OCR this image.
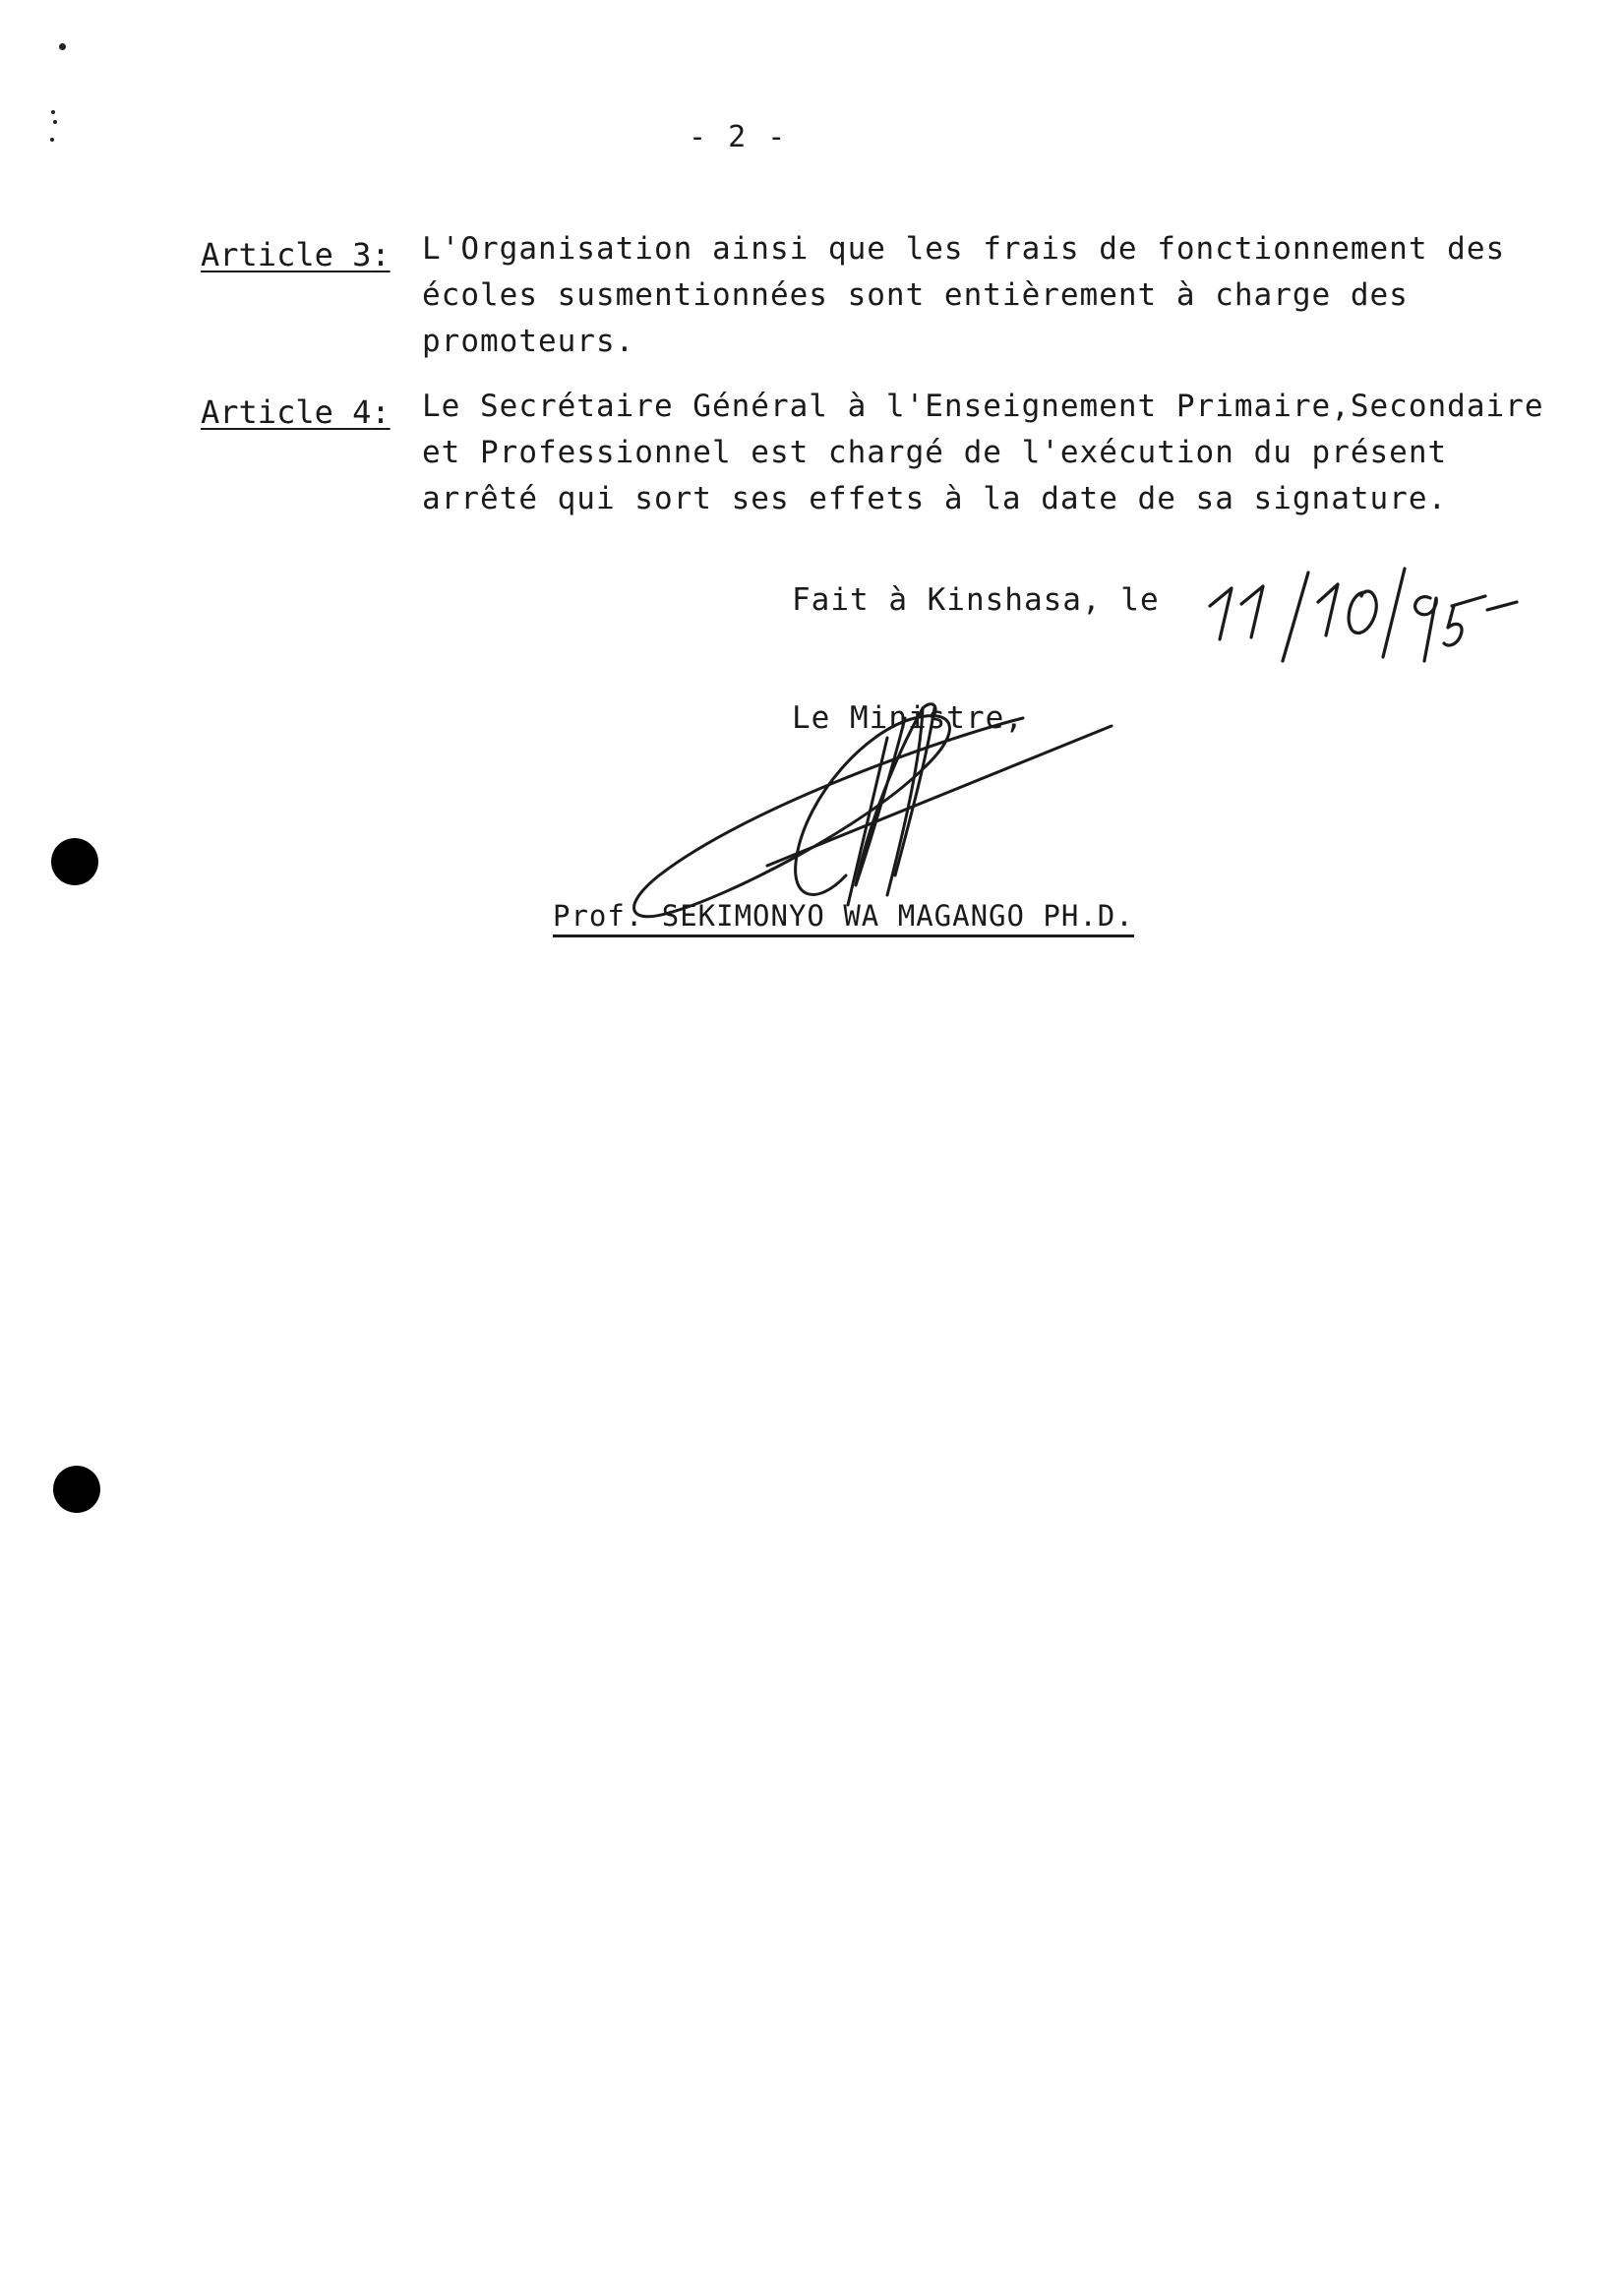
- 2 -
Article 3: L'Organisation ainsi que les frais de fonctionnement des
écoles susmentionnées sont entièrement à charge des
promoteurs.
Article 4: Le Secrétaire Général à l'Enseignement Primaire,Secondaire
et Professionnel est chargé de l'exécution du présent
arrêté qui sort ses effets à la date de sa signature.
Fait à Kinshasa, le
Le Ministre,
Prof. SEKIMONYO WA MAGANGO PH.D.
